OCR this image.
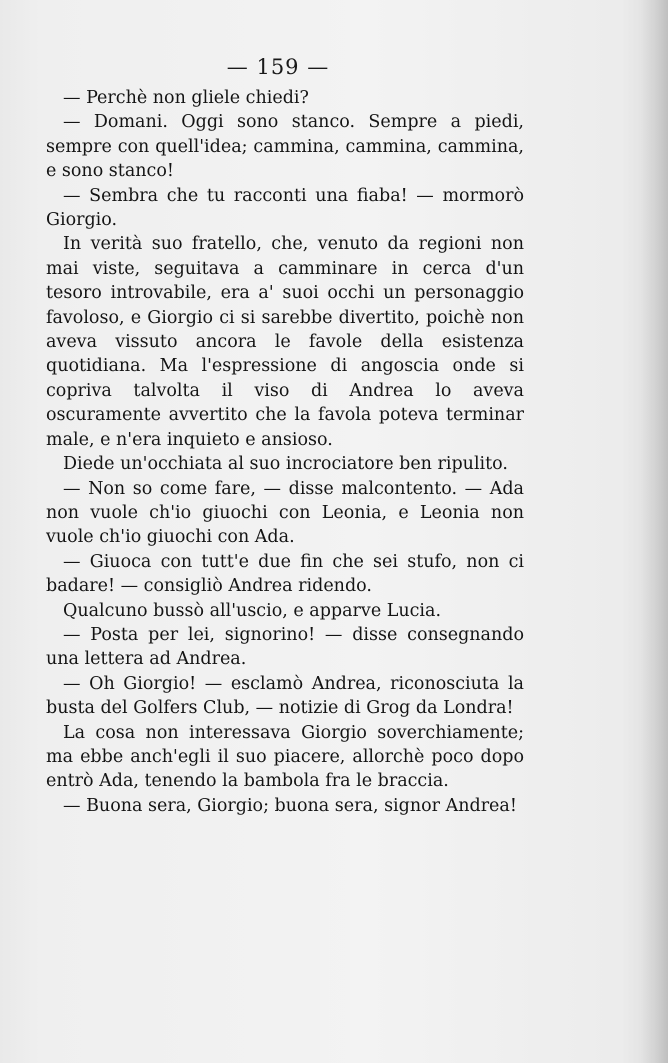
— 159 —

— Perchè non gliele chiedi?

— Domani. Oggi sono stanco. Sempre a piedi, sempre con quell'idea; cammina, cammina, cammina, e sono stanco!

— Sembra che tu racconti una fiaba! — mormorò Giorgio.

In verità suo fratello, che, venuto da regioni non mai viste, seguitava a camminare in cerca d'un tesoro introvabile, era a' suoi occhi un personaggio favoloso, e Giorgio ci si sarebbe divertito, poichè non aveva vissuto ancora le favole della esistenza quotidiana. Ma l'espressione di angoscia onde si copriva talvolta il viso di Andrea lo aveva oscuramente avvertito che la favola poteva terminar male, e n'era inquieto e ansioso.

Diede un'occhiata al suo incrociatore ben ripulito.

— Non so come fare, — disse malcontento. — Ada non vuole ch'io giuochi con Leonia, e Leonia non vuole ch'io giuochi con Ada.

— Giuoca con tutt'e due fin che sei stufo, non ci badare! — consigliò Andrea ridendo.

Qualcuno bussò all'uscio, e apparve Lucia.

— Posta per lei, signorino! — disse consegnando una lettera ad Andrea.

— Oh Giorgio! — esclamò Andrea, riconosciuta la busta del Golfers Club, — notizie di Grog da Londra!

La cosa non interessava Giorgio soverchiamente; ma ebbe anch'egli il suo piacere, allorchè poco dopo entrò Ada, tenendo la bambola fra le braccia.

— Buona sera, Giorgio; buona sera, signor Andrea!
